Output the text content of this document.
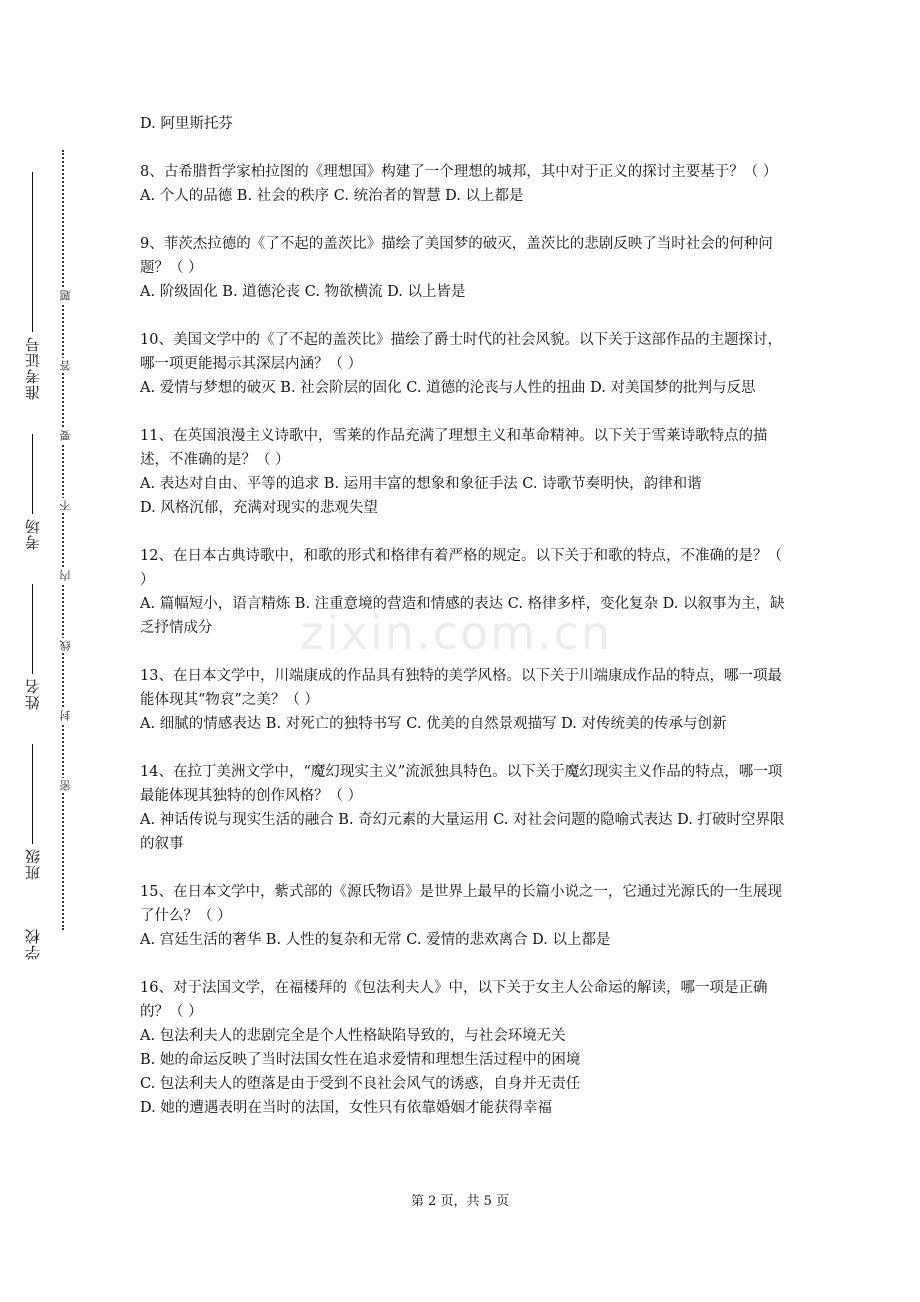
准考证号
考场
姓名
班级
学校
题
答
要
不
内
线
封
密
zixin.com.cn

D. 阿里斯托芬

8、古希腊哲学家柏拉图的《理想国》构建了一个理想的城邦，其中对于正义的探讨主要基于？（ ）

A. 个人的品德 B. 社会的秩序 C. 统治者的智慧 D. 以上都是

9、菲茨杰拉德的《了不起的盖茨比》描绘了美国梦的破灭，盖茨比的悲剧反映了当时社会的何种问题？（ ）

A. 阶级固化 B. 道德沦丧 C. 物欲横流 D. 以上皆是

10、美国文学中的《了不起的盖茨比》描绘了爵士时代的社会风貌。以下关于这部作品的主题探讨，哪一项更能揭示其深层内涵？（ ）

A. 爱情与梦想的破灭 B. 社会阶层的固化 C. 道德的沦丧与人性的扭曲 D. 对美国梦的批判与反思

11、在英国浪漫主义诗歌中，雪莱的作品充满了理想主义和革命精神。以下关于雪莱诗歌特点的描述，不准确的是？（ ）

A. 表达对自由、平等的追求 B. 运用丰富的想象和象征手法 C. 诗歌节奏明快，韵律和谐

D. 风格沉郁，充满对现实的悲观失望

12、在日本古典诗歌中，和歌的形式和格律有着严格的规定。以下关于和歌的特点，不准确的是？（ ）

A. 篇幅短小，语言精炼 B. 注重意境的营造和情感的表达 C. 格律多样，变化复杂 D. 以叙事为主，缺乏抒情成分

13、在日本文学中，川端康成的作品具有独特的美学风格。以下关于川端康成作品的特点，哪一项最能体现其“物哀”之美？（ ）

A. 细腻的情感表达 B. 对死亡的独特书写 C. 优美的自然景观描写 D. 对传统美的传承与创新

14、在拉丁美洲文学中，“魔幻现实主义”流派独具特色。以下关于魔幻现实主义作品的特点，哪一项最能体现其独特的创作风格？（ ）

A. 神话传说与现实生活的融合 B. 奇幻元素的大量运用 C. 对社会问题的隐喻式表达 D. 打破时空界限的叙事

15、在日本文学中，紫式部的《源氏物语》是世界上最早的长篇小说之一，它通过光源氏的一生展现了什么？（ ）

A. 宫廷生活的奢华 B. 人性的复杂和无常 C. 爱情的悲欢离合 D. 以上都是

16、对于法国文学，在福楼拜的《包法利夫人》中，以下关于女主人公命运的解读，哪一项是正确的？（ ）

A. 包法利夫人的悲剧完全是个人性格缺陷导致的，与社会环境无关

B. 她的命运反映了当时法国女性在追求爱情和理想生活过程中的困境

C. 包法利夫人的堕落是由于受到不良社会风气的诱惑，自身并无责任

D. 她的遭遇表明在当时的法国，女性只有依靠婚姻才能获得幸福

第 2 页，共 5 页
